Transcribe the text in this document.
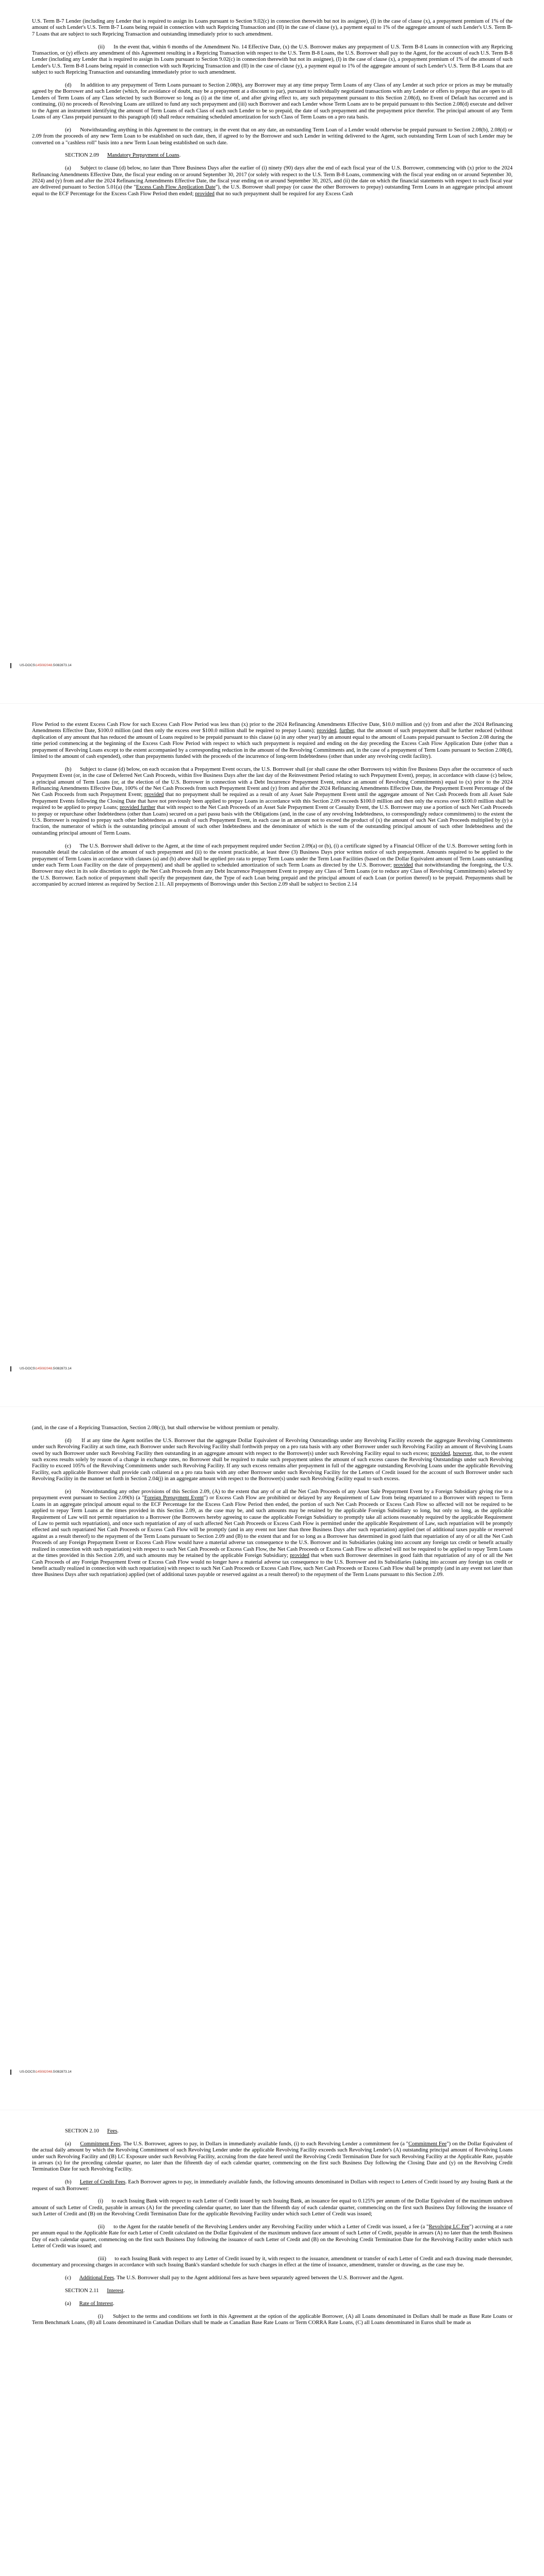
U.S. Term B-7 Lender (including any Lender that is required to assign its Loans pursuant to Section 9.02(c) in connection therewith but not its assignee), (I) in the case of clause (x), a prepayment premium of 1% of the amount of such Lender's U.S. Term B-7 Loans being repaid in connection with such Repricing Transaction and (II) in the case of clause (y), a payment equal to 1% of the aggregate amount of such Lender's U.S. Term B-7 Loans that are subject to such Repricing Transaction and outstanding immediately prior to such amendment.

(ii)      In the event that, within 6 months of the Amendment No. 14 Effective Date, (x) the U.S. Borrower makes any prepayment of U.S. Term B-8 Loans in connection with any Repricing Transaction, or (y) effects any amendment of this Agreement resulting in a Repricing Transaction with respect to the U.S. Term B-8 Loans, the U.S. Borrower shall pay to the Agent, for the account of each U.S. Term B-8 Lender (including any Lender that is required to assign its Loans pursuant to Section 9.02(c) in connection therewith but not its assignee), (I) in the case of clause (x), a prepayment premium of 1% of the amount of such Lender's U.S. Term B-8 Loans being repaid in connection with such Repricing Transaction and (II) in the case of clause (y), a payment equal to 1% of the aggregate amount of such Lender's U.S. Term B-8 Loans that are subject to such Repricing Transaction and outstanding immediately prior to such amendment.

(d)      In addition to any prepayment of Term Loans pursuant to Section 2.08(b), any Borrower may at any time prepay Term Loans of any Class of any Lender at such price or prices as may be mutually agreed by the Borrower and such Lender (which, for avoidance of doubt, may be a prepayment at a discount to par), pursuant to individually negotiated transactions with any Lender or offers to prepay that are open to all Lenders of Term Loans of any Class selected by such Borrower so long as (i) at the time of, and after giving effect to, any such prepayment pursuant to this Section 2.08(d), no Event of Default has occurred and is continuing, (ii) no proceeds of Revolving Loans are utilized to fund any such prepayment and (iii) such Borrower and each Lender whose Term Loans are to be prepaid pursuant to this Section 2.08(d) execute and deliver to the Agent an instrument identifying the amount of Term Loans of each Class of each such Lender to be so prepaid, the date of such prepayment and the prepayment price therefor. The principal amount of any Term Loans of any Class prepaid pursuant to this paragraph (d) shall reduce remaining scheduled amortization for such Class of Term Loans on a pro rata basis.

(e)      Notwithstanding anything in this Agreement to the contrary, in the event that on any date, an outstanding Term Loan of a Lender would otherwise be prepaid pursuant to Section 2.08(b), 2.08(d) or 2.09 from the proceeds of any new Term Loan to be established on such date, then, if agreed to by the Borrower and such Lender in writing delivered to the Agent, such outstanding Term Loan of such Lender may be converted on a "cashless roll" basis into a new Term Loan being established on such date.

SECTION 2.09      Mandatory Prepayment of Loans.

(a)      Subject to clause (d) below, no later than Three Business Days after the earlier of (i) ninety (90) days after the end of each fiscal year of the U.S. Borrower, commencing with (x) prior to the 2024 Refinancing Amendments Effective Date, the fiscal year ending on or around September 30, 2017 (or solely with respect to the U.S. Term B-8 Loans, commencing with the fiscal year ending on or around September 30, 2024) and (y) from and after the 2024 Refinancing Amendments Effective Date, the fiscal year ending on or around September 30, 2025, and (ii) the date on which the financial statements with respect to such fiscal year are delivered pursuant to Section 5.01(a) (the "Excess Cash Flow Application Date"), the U.S. Borrower shall prepay (or cause the other Borrowers to prepay) outstanding Term Loans in an aggregate principal amount equal to the ECF Percentage for the Excess Cash Flow Period then ended; provided that no such prepayment shall be required for any Excess Cash

US-DOCS\145082048.5\082873.14

Flow Period to the extent Excess Cash Flow for such Excess Cash Flow Period was less than (x) prior to the 2024 Refinancing Amendments Effective Date, $10.0 million and (y) from and after the 2024 Refinancing Amendments Effective Date, $100.0 million (and then only the excess over $100.0 million shall be required to prepay Loans); provided, further, that the amount of such prepayment shall be further reduced (without duplication of any amount that has reduced the amount of Loans required to be prepaid pursuant to this clause (a) in any other year) by an amount equal to the amount of Loans prepaid pursuant to Section 2.08 during the time period commencing at the beginning of the Excess Cash Flow Period with respect to which such prepayment is required and ending on the day preceding the Excess Cash Flow Application Date (other than a prepayment of Revolving Loans except to the extent accompanied by a corresponding reduction in the amount of the Revolving Commitments and, in the case of a prepayment of Term Loans pursuant to Section 2.08(d), limited to the amount of cash expended), other than prepayments funded with the proceeds of the incurrence of long-term Indebtedness (other than under any revolving credit facility).

(b)      Subject to clause (d) below, on each occasion that a Prepayment Event occurs, the U.S. Borrower shall (or shall cause the other Borrowers to) within five Business Days after the occurrence of such Prepayment Event (or, in the case of Deferred Net Cash Proceeds, within five Business Days after the last day of the Reinvestment Period relating to such Prepayment Event), prepay, in accordance with clause (c) below, a principal amount of Term Loans (or, at the election of the U.S. Borrower in connection with a Debt Incurrence Prepayment Event, reduce an amount of Revolving Commitments) equal to (x) prior to the 2024 Refinancing Amendments Effective Date, 100% of the Net Cash Proceeds from such Prepayment Event and (y) from and after the 2024 Refinancing Amendments Effective Date, the Prepayment Event Percentage of the Net Cash Proceeds from such Prepayment Event; provided that no prepayment shall be required as a result of any Asset Sale Prepayment Event until the aggregate amount of Net Cash Proceeds from all Asset Sale Prepayment Events following the Closing Date that have not previously been applied to prepay Loans in accordance with this Section 2.09 exceeds $100.0 million and then only the excess over $100.0 million shall be required to be applied to prepay Loans; provided further that with respect to the Net Cash Proceeds of an Asset Sale Prepayment Event or Casualty Event, the U.S. Borrower may use a portion of such Net Cash Proceeds to prepay or repurchase other Indebtedness (other than Loans) secured on a pari passu basis with the Obligations (and, in the case of any revolving Indebtedness, to correspondingly reduce commitments) to the extent the U.S. Borrower is required to prepay such other Indebtedness as a result of such Prepayment Event, in each case in an amount not to exceed the product of (x) the amount of such Net Cash Proceeds multiplied by (y) a fraction, the numerator of which is the outstanding principal amount of such other Indebtedness and the denominator of which is the sum of the outstanding principal amount of such other Indebtedness and the outstanding principal amount of Term Loans.

(c)      The U.S. Borrower shall deliver to the Agent, at the time of each prepayment required under Section 2.09(a) or (b), (i) a certificate signed by a Financial Officer of the U.S. Borrower setting forth in reasonable detail the calculation of the amount of such prepayment and (ii) to the extent practicable, at least three (3) Business Days prior written notice of such prepayment. Amounts required to be applied to the prepayment of Term Loans in accordance with clauses (a) and (b) above shall be applied pro rata to prepay Term Loans under the Term Loan Facilities (based on the Dollar Equivalent amount of Term Loans outstanding under each Term Loan Facility on the date of prepayment) and shall be applied to scheduled amortization of such Term Loans as directed by the U.S. Borrower; provided that notwithstanding the foregoing, the U.S. Borrower may elect in its sole discretion to apply the Net Cash Proceeds from any Debt Incurrence Prepayment Event to prepay any Class of Term Loans (or to reduce any Class of Revolving Commitments) selected by the U.S. Borrower. Each notice of prepayment shall specify the prepayment date, the Type of each Loan being prepaid and the principal amount of each Loan (or portion thereof) to be prepaid. Prepayments shall be accompanied by accrued interest as required by Section 2.11. All prepayments of Borrowings under this Section 2.09 shall be subject to Section 2.14

US-DOCS\145082048.5\082873.14

(and, in the case of a Repricing Transaction, Section 2.08(c)), but shall otherwise be without premium or penalty.

(d)      If at any time the Agent notifies the U.S. Borrower that the aggregate Dollar Equivalent of Revolving Outstandings under any Revolving Facility exceeds the aggregate Revolving Commitments under such Revolving Facility at such time, each Borrower under such Revolving Facility shall forthwith prepay on a pro rata basis with any other Borrower under such Revolving Facility an amount of Revolving Loans owed by such Borrower under such Revolving Facility then outstanding in an aggregate amount with respect to the Borrower(s) under such Revolving Facility equal to such excess; provided, however, that, to the extent such excess results solely by reason of a change in exchange rates, no Borrower shall be required to make such prepayment unless the amount of such excess causes the Revolving Outstandings under such Revolving Facility to exceed 105% of the Revolving Commitments under such Revolving Facility. If any such excess remains after prepayment in full of the aggregate outstanding Revolving Loans under the applicable Revolving Facility, each applicable Borrower shall provide cash collateral on a pro rata basis with any other Borrower under such Revolving Facility for the Letters of Credit issued for the account of such Borrower under such Revolving Facility in the manner set forth in Section 2.04(j) in an aggregate amount with respect to the Borrower(s) under such Revolving Facility equal to such excess.

(e)      Notwithstanding any other provisions of this Section 2.09, (A) to the extent that any of or all the Net Cash Proceeds of any Asset Sale Prepayment Event by a Foreign Subsidiary giving rise to a prepayment event pursuant to Section 2.09(b) (a "Foreign Prepayment Event") or Excess Cash Flow are prohibited or delayed by any Requirement of Law from being repatriated to a Borrower with respect to Term Loans in an aggregate principal amount equal to the ECF Percentage for the Excess Cash Flow Period then ended, the portion of such Net Cash Proceeds or Excess Cash Flow so affected will not be required to be applied to repay Term Loans at the times provided in this Section 2.09, as the case may be, and such amounts may be retained by the applicable Foreign Subsidiary so long, but only so long, as the applicable Requirement of Law will not permit repatriation to a Borrower (the Borrowers hereby agreeing to cause the applicable Foreign Subsidiary to promptly take all actions reasonably required by the applicable Requirement of Law to permit such repatriation), and once such repatriation of any of such affected Net Cash Proceeds or Excess Cash Flow is permitted under the applicable Requirement of Law, such repatriation will be promptly effected and such repatriated Net Cash Proceeds or Excess Cash Flow will be promptly (and in any event not later than three Business Days after such repatriation) applied (net of additional taxes payable or reserved against as a result thereof) to the repayment of the Term Loans pursuant to Section 2.09 and (B) to the extent that and for so long as a Borrower has determined in good faith that repatriation of any of or all the Net Cash Proceeds of any Foreign Prepayment Event or Excess Cash Flow would have a material adverse tax consequence to the U.S. Borrower and its Subsidiaries (taking into account any foreign tax credit or benefit actually realized in connection with such repatriation) with respect to such Net Cash Proceeds or Excess Cash Flow, the Net Cash Proceeds or Excess Cash Flow so affected will not be required to be applied to repay Term Loans at the times provided in this Section 2.09, and such amounts may be retained by the applicable Foreign Subsidiary; provided that when such Borrower determines in good faith that repatriation of any of or all the Net Cash Proceeds of any Foreign Prepayment Event or Excess Cash Flow would no longer have a material adverse tax consequence to the U.S. Borrower and its Subsidiaries (taking into account any foreign tax credit or benefit actually realized in connection with such repatriation) with respect to such Net Cash Proceeds or Excess Cash Flow, such Net Cash Proceeds or Excess Cash Flow shall be promptly (and in any event not later than three Business Days after such repatriation) applied (net of additional taxes payable or reserved against as a result thereof) to the repayment of the Term Loans pursuant to this Section 2.09.

US-DOCS\145082048.5\082873.14

SECTION 2.10      Fees.

(a)      Commitment Fees. The U.S. Borrower, agrees to pay, in Dollars in immediately available funds, (i) to each Revolving Lender a commitment fee (a "Commitment Fee") on the Dollar Equivalent of the actual daily amount by which the Revolving Commitment of such Revolving Lender under the applicable Revolving Facility exceeds such Revolving Lender's (A) outstanding principal amount of Revolving Loans under such Revolving Facility and (B) LC Exposure under such Revolving Facility, accruing from the date hereof until the Revolving Credit Termination Date for such Revolving Facility at the Applicable Rate, payable in arrears (x) for the preceding calendar quarter, no later than the fifteenth day of each calendar quarter, commencing on the first such Business Day following the Closing Date and (y) on the Revolving Credit Termination Date for such Revolving Facility.

(b)      Letter of Credit Fees. Each Borrower agrees to pay, in immediately available funds, the following amounts denominated in Dollars with respect to Letters of Credit issued by any Issuing Bank at the request of such Borrower:

(i)      to each Issuing Bank with respect to each Letter of Credit issued by such Issuing Bank, an issuance fee equal to 0.125% per annum of the Dollar Equivalent of the maximum undrawn amount of such Letter of Credit, payable in arrears (A) for the preceding calendar quarter, no later than the fifteenth day of each calendar quarter, commencing on the first such Business Day following the issuance of such Letter of Credit and (B) on the Revolving Credit Termination Date for the applicable Revolving Facility under which such Letter of Credit was issued;

(ii)      to the Agent for the ratable benefit of the Revolving Lenders under any Revolving Facility under which a Letter of Credit was issued, a fee (a "Revolving LC Fee") accruing at a rate per annum equal to the Applicable Rate for each Letter of Credit calculated on the Dollar Equivalent of the maximum undrawn face amount of such Letter of Credit, payable in arrears (A) no later than the tenth Business Day of each calendar quarter, commencing on the first such Business Day following the issuance of such Letter of Credit and (B) on the Revolving Credit Termination Date for the Revolving Facility under which such Letter of Credit was issued; and

(iii)      to each Issuing Bank with respect to any Letter of Credit issued by it, with respect to the issuance, amendment or transfer of each Letter of Credit and each drawing made thereunder, documentary and processing charges in accordance with such Issuing Bank's standard schedule for such charges in effect at the time of issuance, amendment, transfer or drawing, as the case may be.

(c)      Additional Fees. The U.S. Borrower shall pay to the Agent additional fees as have been separately agreed between the U.S. Borrower and the Agent.

SECTION 2.11      Interest.

(a)      Rate of Interest.

(i)      Subject to the terms and conditions set forth in this Agreement at the option of the applicable Borrower, (A) all Loans denominated in Dollars shall be made as Base Rate Loans or Term Benchmark Loans, (B) all Loans denominated in Canadian Dollars shall be made as Canadian Base Rate Loans or Term CORRA Rate Loans, (C) all Loans denominated in Euros shall be made as
